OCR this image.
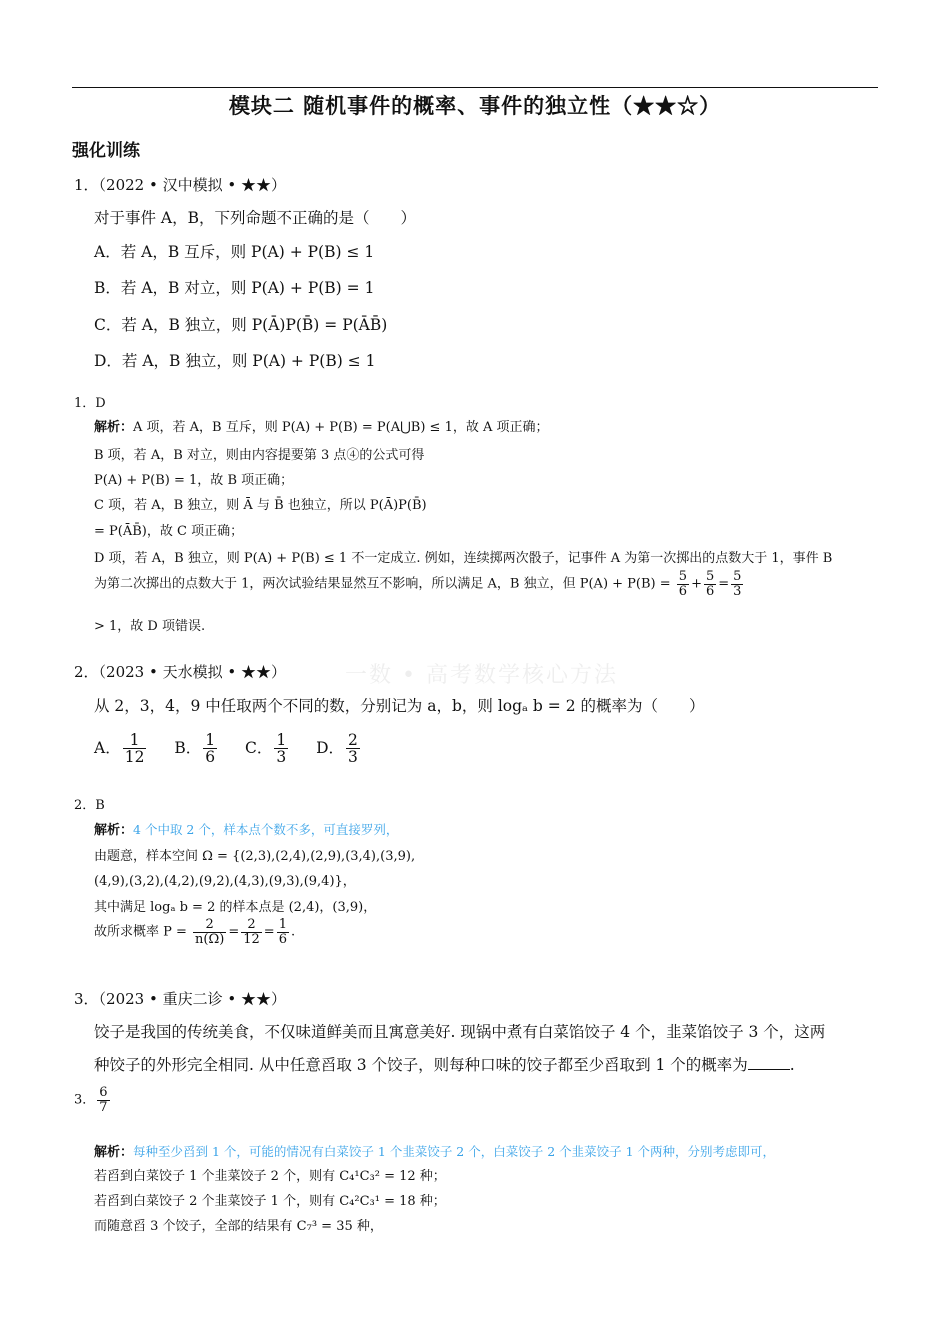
模块二 随机事件的概率、事件的独立性（★★☆）
强化训练
一数 • 高考数学核心方法
1．（2022 • 汉中模拟 • ★★）
对于事件 A，B，下列命题不正确的是（　　）
A．若 A，B 互斥，则 P(A) + P(B) ≤ 1
B．若 A，B 对立，则 P(A) + P(B) = 1
C．若 A，B 独立，则 P(Ā)P(B̄) = P(ĀB̄)
D．若 A，B 独立，则 P(A) + P(B) ≤ 1
1．D
解析：A 项，若 A，B 互斥，则 P(A) + P(B) = P(A⋃B) ≤ 1，故 A 项正确；
B 项，若 A，B 对立，则由内容提要第 3 点④的公式可得
P(A) + P(B) = 1，故 B 项正确；
C 项，若 A，B 独立，则 Ā 与 B̄ 也独立，所以 P(Ā)P(B̄)
= P(ĀB̄)，故 C 项正确；
D 项，若 A，B 独立，则 P(A) + P(B) ≤ 1 不一定成立. 例如，连续掷两次骰子，记事件 A 为第一次掷出的点数大于 1，事件 B
为第二次掷出的点数大于 1，两次试验结果显然互不影响，所以满足 A，B 独立，但 $P(A) + P(B) = \frac{5}{6} + \frac{5}{6} = \frac{5}{3}$
> 1，故 D 项错误.
2．（2023 • 天水模拟 • ★★）
从 2，3，4，9 中任取两个不同的数，分别记为 a，b，则 logₐ b = 2 的概率为（　　）
A． $\frac{1}{12}$ B． $\frac{1}{6}$ C． $\frac{1}{3}$ D． $\frac{2}{3}$
2．B
解析：4 个中取 2 个，样本点个数不多，可直接罗列，
由题意，样本空间 Ω = {(2,3),(2,4),(2,9),(3,4),(3,9),
(4,9),(3,2),(4,2),(9,2),(4,3),(9,3),(9,4)}，
其中满足 logₐ b = 2 的样本点是 (2,4)，(3,9)，
故所求概率 $P = \frac{2}{n(\Omega)} = \frac{2}{12} = \frac{1}{6}$ .
3．（2023 • 重庆二诊 • ★★）
饺子是我国的传统美食，不仅味道鲜美而且寓意美好. 现锅中煮有白菜馅饺子 4 个，韭菜馅饺子 3 个，这两
种饺子的外形完全相同. 从中任意舀取 3 个饺子，则每种口味的饺子都至少舀取到 1 个的概率为	.
3． $\frac{6}{7}$
解析：每种至少舀到 1 个，可能的情况有白菜饺子 1 个韭菜饺子 2 个，白菜饺子 2 个韭菜饺子 1 个两种，分别考虑即可，
若舀到白菜饺子 1 个韭菜饺子 2 个，则有 C₄¹C₃² = 12 种；
若舀到白菜饺子 2 个韭菜饺子 1 个，则有 C₄²C₃¹ = 18 种；
而随意舀 3 个饺子，全部的结果有 C₇³ = 35 种，
